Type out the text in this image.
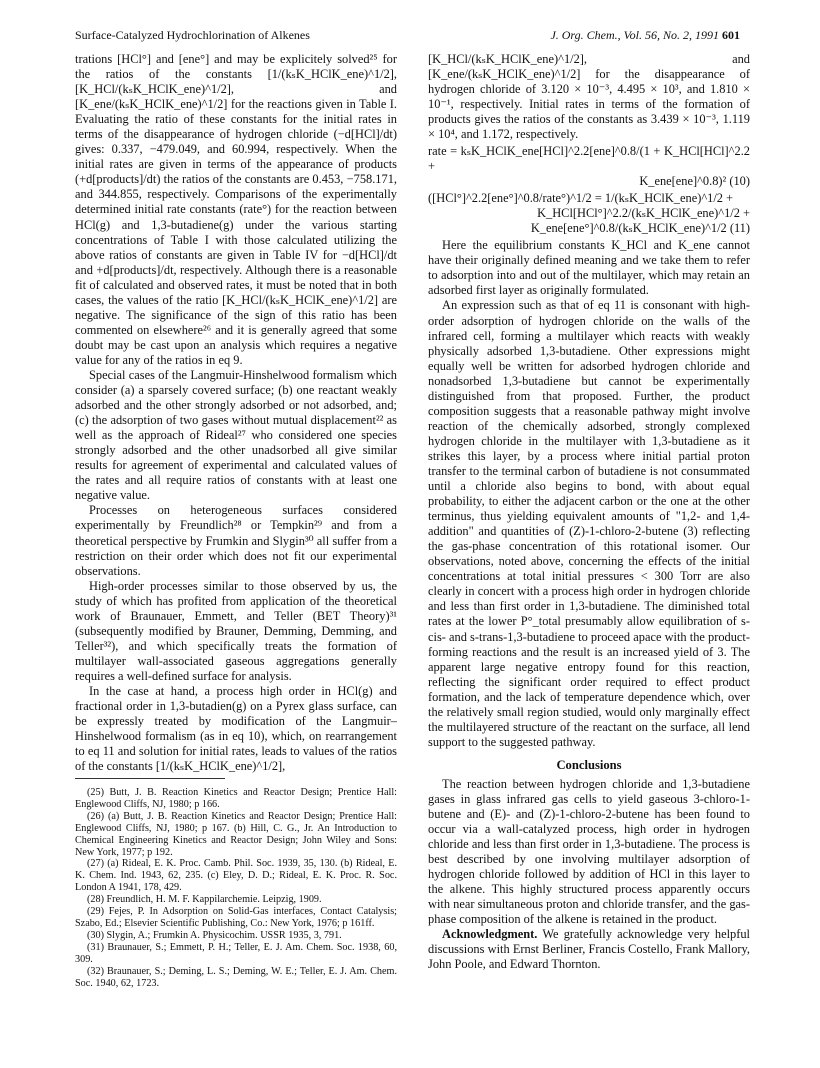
Surface-Catalyzed Hydrochlorination of Alkenes	J. Org. Chem., Vol. 56, No. 2, 1991 601

trations [HCl°] and [ene°] and may be explicitely solved²⁵ for the ratios of the constants [1/(kₛK_HClK_ene)^1/2], [K_HCl/(kₛK_HClK_ene)^1/2], and [K_ene/(kₛK_HClK_ene)^1/2] for the reactions given in Table I. Evaluating the ratio of these constants for the initial rates in terms of the disappearance of hydrogen chloride (−d[HCl]/dt) gives: 0.337, −479.049, and 60.994, respectively. When the initial rates are given in terms of the appearance of products (+d[products]/dt) the ratios of the constants are 0.453, −758.171, and 344.855, respectively. Comparisons of the experimentally determined initial rate constants (rate°) for the reaction between HCl(g) and 1,3-butadiene(g) under the various starting concentrations of Table I with those calculated utilizing the above ratios of constants are given in Table IV for −d[HCl]/dt and +d[products]/dt, respectively. Although there is a reasonable fit of calculated and observed rates, it must be noted that in both cases, the values of the ratio [K_HCl/(kₛK_HClK_ene)^1/2] are negative. The significance of the sign of this ratio has been commented on elsewhere²⁶ and it is generally agreed that some doubt may be cast upon an analysis which requires a negative value for any of the ratios in eq 9.

Special cases of the Langmuir-Hinshelwood formalism which consider (a) a sparsely covered surface; (b) one reactant weakly adsorbed and the other strongly adsorbed or not adsorbed, and; (c) the adsorption of two gases without mutual displacement²² as well as the approach of Rideal²⁷ who considered one species strongly adsorbed and the other unadsorbed all give similar results for agreement of experimental and calculated values of the rates and all require ratios of constants with at least one negative value.

Processes on heterogeneous surfaces considered experimentally by Freundlich²⁸ or Tempkin²⁹ and from a theoretical perspective by Frumkin and Slygin³⁰ all suffer from a restriction on their order which does not fit our experimental observations.

High-order processes similar to those observed by us, the study of which has profited from application of the theoretical work of Braunauer, Emmett, and Teller (BET Theory)³¹ (subsequently modified by Brauner, Demming, Demming, and Teller³²), and which specifically treats the formation of multilayer wall-associated gaseous aggregations generally requires a well-defined surface for analysis.

In the case at hand, a process high order in HCl(g) and fractional order in 1,3-butadien(g) on a Pyrex glass surface, can be expressly treated by modification of the Langmuir–Hinshelwood formalism (as in eq 10), which, on rearrangement to eq 11 and solution for initial rates, leads to values of the ratios of the constants [1/(kₛK_HClK_ene)^1/2],

(25) Butt, J. B. Reaction Kinetics and Reactor Design; Prentice Hall: Englewood Cliffs, NJ, 1980; p 166.

(26) (a) Butt, J. B. Reaction Kinetics and Reactor Design; Prentice Hall: Englewood Cliffs, NJ, 1980; p 167. (b) Hill, C. G., Jr. An Introduction to Chemical Engineering Kinetics and Reactor Design; John Wiley and Sons: New York, 1977; p 192.

(27) (a) Rideal, E. K. Proc. Camb. Phil. Soc. 1939, 35, 130. (b) Rideal, E. K. Chem. Ind. 1943, 62, 235. (c) Eley, D. D.; Rideal, E. K. Proc. R. Soc. London A 1941, 178, 429.

(28) Freundlich, H. M. F. Kappilarchemie. Leipzig, 1909.

(29) Fejes, P. In Adsorption on Solid-Gas interfaces, Contact Catalysis; Szabo, Ed.; Elsevier Scientific Publishing, Co.: New York, 1976; p 161ff.

(30) Slygin, A.; Frumkin A. Physicochim. USSR 1935, 3, 791.

(31) Braunauer, S.; Emmett, P. H.; Teller, E. J. Am. Chem. Soc. 1938, 60, 309.

(32) Braunauer, S.; Deming, L. S.; Deming, W. E.; Teller, E. J. Am. Chem. Soc. 1940, 62, 1723.

[K_HCl/(kₛK_HClK_ene)^1/2], and [K_ene/(kₛK_HClK_ene)^1/2] for the disappearance of hydrogen chloride of 3.120 × 10⁻³, 4.495 × 10³, and 1.810 × 10⁻¹, respectively. Initial rates in terms of the formation of products gives the ratios of the constants as 3.439 × 10⁻³, 1.119 × 10⁴, and 1.172, respectively.

rate = kₛK_HClK_ene[HCl]^2.2[ene]^0.8/(1 + K_HCl[HCl]^2.2 +
K_ene[ene]^0.8)² (10)
([HCl°]^2.2[ene°]^0.8/rate°)^1/2 = 1/(kₛK_HClK_ene)^1/2 +
K_HCl[HCl°]^2.2/(kₛK_HClK_ene)^1/2 +
K_ene[ene°]^0.8/(kₛK_HClK_ene)^1/2 (11)

Here the equilibrium constants K_HCl and K_ene cannot have their originally defined meaning and we take them to refer to adsorption into and out of the multilayer, which may retain an adsorbed first layer as originally formulated.

An expression such as that of eq 11 is consonant with high-order adsorption of hydrogen chloride on the walls of the infrared cell, forming a multilayer which reacts with weakly physically adsorbed 1,3-butadiene. Other expressions might equally well be written for adsorbed hydrogen chloride and nonadsorbed 1,3-butadiene but cannot be experimentally distinguished from that proposed. Further, the product composition suggests that a reasonable pathway might involve reaction of the chemically adsorbed, strongly complexed hydrogen chloride in the multilayer with 1,3-butadiene as it strikes this layer, by a process where initial partial proton transfer to the terminal carbon of butadiene is not consummated until a chloride also begins to bond, with about equal probability, to either the adjacent carbon or the one at the other terminus, thus yielding equivalent amounts of "1,2- and 1,4-addition" and quantities of (Z)-1-chloro-2-butene (3) reflecting the gas-phase concentration of this rotational isomer. Our observations, noted above, concerning the effects of the initial concentrations at total initial pressures < 300 Torr are also clearly in concert with a process high order in hydrogen chloride and less than first order in 1,3-butadiene. The diminished total rates at the lower P°_total presumably allow equilibration of s-cis- and s-trans-1,3-butadiene to proceed apace with the product-forming reactions and the result is an increased yield of 3. The apparent large negative entropy found for this reaction, reflecting the significant order required to effect product formation, and the lack of temperature dependence which, over the relatively small region studied, would only marginally effect the multilayered structure of the reactant on the surface, all lend support to the suggested pathway.

Conclusions

The reaction between hydrogen chloride and 1,3-butadiene gases in glass infrared gas cells to yield gaseous 3-chloro-1-butene and (E)- and (Z)-1-chloro-2-butene has been found to occur via a wall-catalyzed process, high order in hydrogen chloride and less than first order in 1,3-butadiene. The process is best described by one involving multilayer adsorption of hydrogen chloride followed by addition of HCl in this layer to the alkene. This highly structured process apparently occurs with near simultaneous proton and chloride transfer, and the gas-phase composition of the alkene is retained in the product.

Acknowledgment. We gratefully acknowledge very helpful discussions with Ernst Berliner, Francis Costello, Frank Mallory, John Poole, and Edward Thornton.
